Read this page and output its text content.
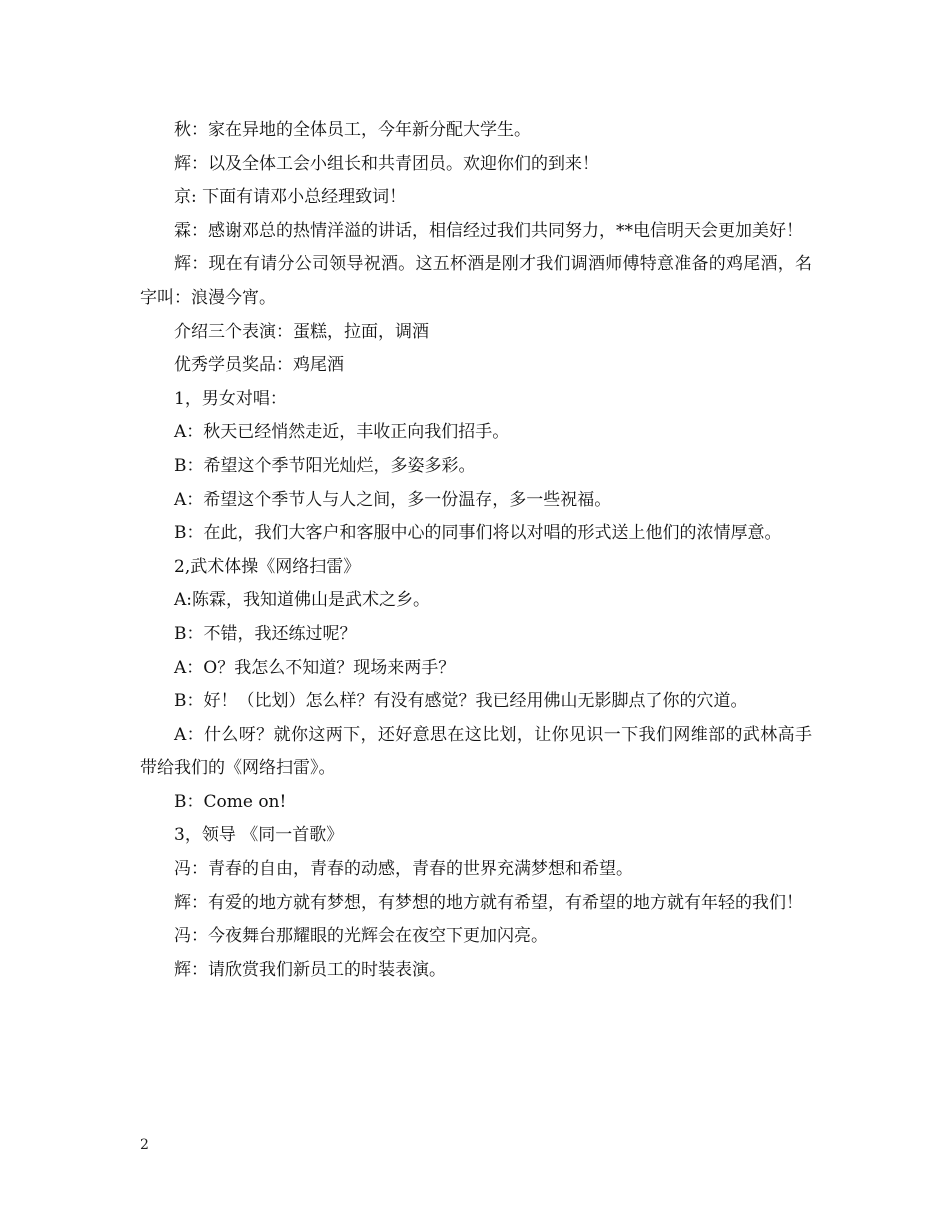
秋：家在异地的全体员工，今年新分配大学生。

辉：以及全体工会小组长和共青团员。欢迎你们的到来！

京: 下面有请邓小总经理致词！

霖：感谢邓总的热情洋溢的讲话，相信经过我们共同努力，**电信明天会更加美好！

辉：现在有请分公司领导祝酒。这五杯酒是刚才我们调酒师傅特意准备的鸡尾酒，名字叫：浪漫今宵。

介绍三个表演：蛋糕，拉面，调酒

优秀学员奖品：鸡尾酒

1，男女对唱：

A：秋天已经悄然走近，丰收正向我们招手。

B：希望这个季节阳光灿烂，多姿多彩。

A：希望这个季节人与人之间，多一份温存，多一些祝福。

B：在此，我们大客户和客服中心的同事们将以对唱的形式送上他们的浓情厚意。

2,武术体操《网络扫雷》

A:陈霖，我知道佛山是武术之乡。

B：不错，我还练过呢？

A：O？我怎么不知道？现场来两手？

B：好！（比划）怎么样？有没有感觉？我已经用佛山无影脚点了你的穴道。

A：什么呀？就你这两下，还好意思在这比划，让你见识一下我们网维部的武林高手带给我们的《网络扫雷》。

B：Come on!

3，领导 《同一首歌》

冯：青春的自由，青春的动感，青春的世界充满梦想和希望。

辉：有爱的地方就有梦想，有梦想的地方就有希望，有希望的地方就有年轻的我们！

冯：今夜舞台那耀眼的光辉会在夜空下更加闪亮。

辉：请欣赏我们新员工的时装表演。

2
